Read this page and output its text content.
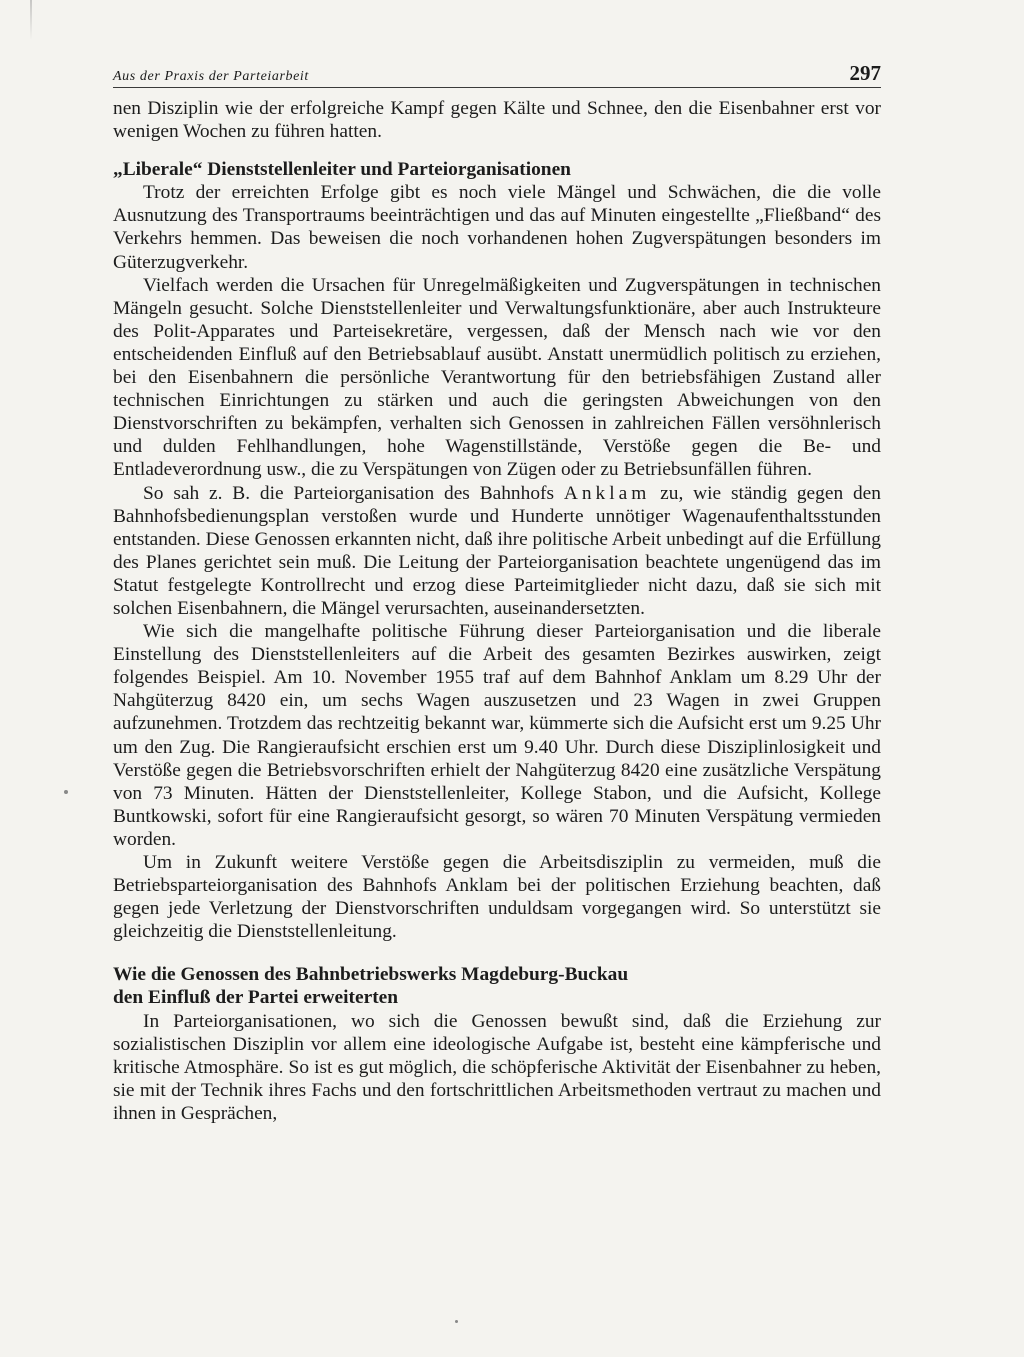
Aus der Praxis der Parteiarbeit	297

nen Disziplin wie der erfolgreiche Kampf gegen Kälte und Schnee, den die Eisenbahner erst vor wenigen Wochen zu führen hatten.

„Liberale“ Dienststellenleiter und Parteiorganisationen

Trotz der erreichten Erfolge gibt es noch viele Mängel und Schwächen, die die volle Ausnutzung des Transportraums beeinträchtigen und das auf Minuten eingestellte „Fließband“ des Verkehrs hemmen. Das beweisen die noch vorhandenen hohen Zugverspätungen besonders im Güterzugverkehr.

Vielfach werden die Ursachen für Unregelmäßigkeiten und Zugverspätungen in technischen Mängeln gesucht. Solche Dienststellenleiter und Verwaltungsfunktionäre, aber auch Instrukteure des Polit-Apparates und Parteisekretäre, vergessen, daß der Mensch nach wie vor den entscheidenden Einfluß auf den Betriebsablauf ausübt. Anstatt unermüdlich politisch zu erziehen, bei den Eisenbahnern die persönliche Verantwortung für den betriebsfähigen Zustand aller technischen Einrichtungen zu stärken und auch die geringsten Abweichungen von den Dienstvorschriften zu bekämpfen, verhalten sich Genossen in zahlreichen Fällen versöhnlerisch und dulden Fehlhandlungen, hohe Wagenstillstände, Verstöße gegen die Be- und Entladeverordnung usw., die zu Verspätungen von Zügen oder zu Betriebsunfällen führen.

So sah z. B. die Parteiorganisation des Bahnhofs Anklam zu, wie ständig gegen den Bahnhofsbedienungsplan verstoßen wurde und Hunderte unnötiger Wagenaufenthaltsstunden entstanden. Diese Genossen erkannten nicht, daß ihre politische Arbeit unbedingt auf die Erfüllung des Planes gerichtet sein muß. Die Leitung der Parteiorganisation beachtete ungenügend das im Statut festgelegte Kontrollrecht und erzog diese Parteimitglieder nicht dazu, daß sie sich mit solchen Eisenbahnern, die Mängel verursachten, auseinandersetzten.

Wie sich die mangelhafte politische Führung dieser Parteiorganisation und die liberale Einstellung des Dienststellenleiters auf die Arbeit des gesamten Bezirkes auswirken, zeigt folgendes Beispiel. Am 10. November 1955 traf auf dem Bahnhof Anklam um 8.29 Uhr der Nahgüterzug 8420 ein, um sechs Wagen auszusetzen und 23 Wagen in zwei Gruppen aufzunehmen. Trotzdem das rechtzeitig bekannt war, kümmerte sich die Aufsicht erst um 9.25 Uhr um den Zug. Die Rangieraufsicht erschien erst um 9.40 Uhr. Durch diese Disziplinlosigkeit und Verstöße gegen die Betriebsvorschriften erhielt der Nahgüterzug 8420 eine zusätzliche Verspätung von 73 Minuten. Hätten der Dienststellenleiter, Kollege Stabon, und die Aufsicht, Kollege Buntkowski, sofort für eine Rangieraufsicht gesorgt, so wären 70 Minuten Verspätung vermieden worden.

Um in Zukunft weitere Verstöße gegen die Arbeitsdisziplin zu vermeiden, muß die Betriebsparteiorganisation des Bahnhofs Anklam bei der politischen Erziehung beachten, daß gegen jede Verletzung der Dienstvorschriften unduldsam vorgegangen wird. So unterstützt sie gleichzeitig die Dienststellenleitung.

Wie die Genossen des Bahnbetriebswerks Magdeburg-Buckau
den Einfluß der Partei erweiterten

In Parteiorganisationen, wo sich die Genossen bewußt sind, daß die Erziehung zur sozialistischen Disziplin vor allem eine ideologische Aufgabe ist, besteht eine kämpferische und kritische Atmosphäre. So ist es gut möglich, die schöpferische Aktivität der Eisenbahner zu heben, sie mit der Technik ihres Fachs und den fortschrittlichen Arbeitsmethoden vertraut zu machen und ihnen in Gesprächen,
